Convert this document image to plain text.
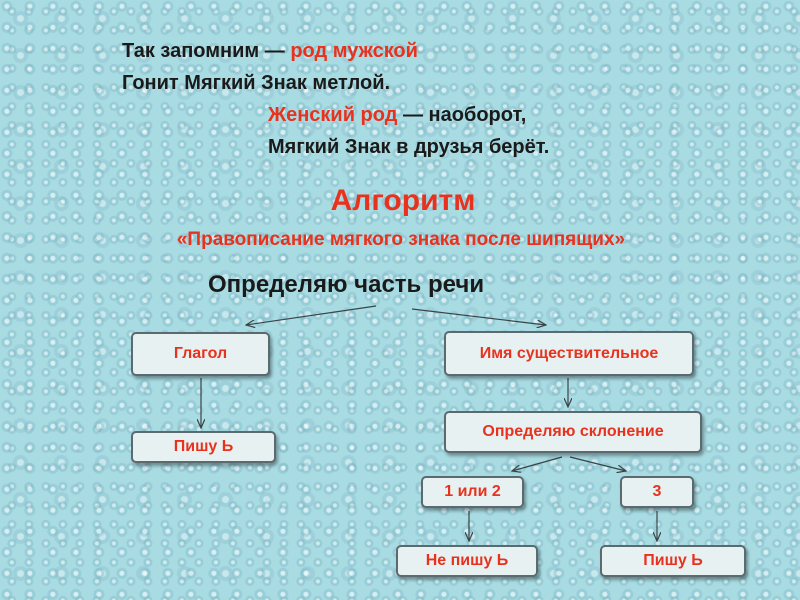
Так запомним — род мужской
Гонит Мягкий Знак метлой.
Женский род — наоборот,
Мягкий Знак в друзья берёт.
Алгоритм
«Правописание мягкого знака после шипящих»
Определяю часть речи
Глагол
Пишу Ь
Имя существительное
Определяю склонение
1 или 2	3
Не пишу Ь	Пишу Ь
